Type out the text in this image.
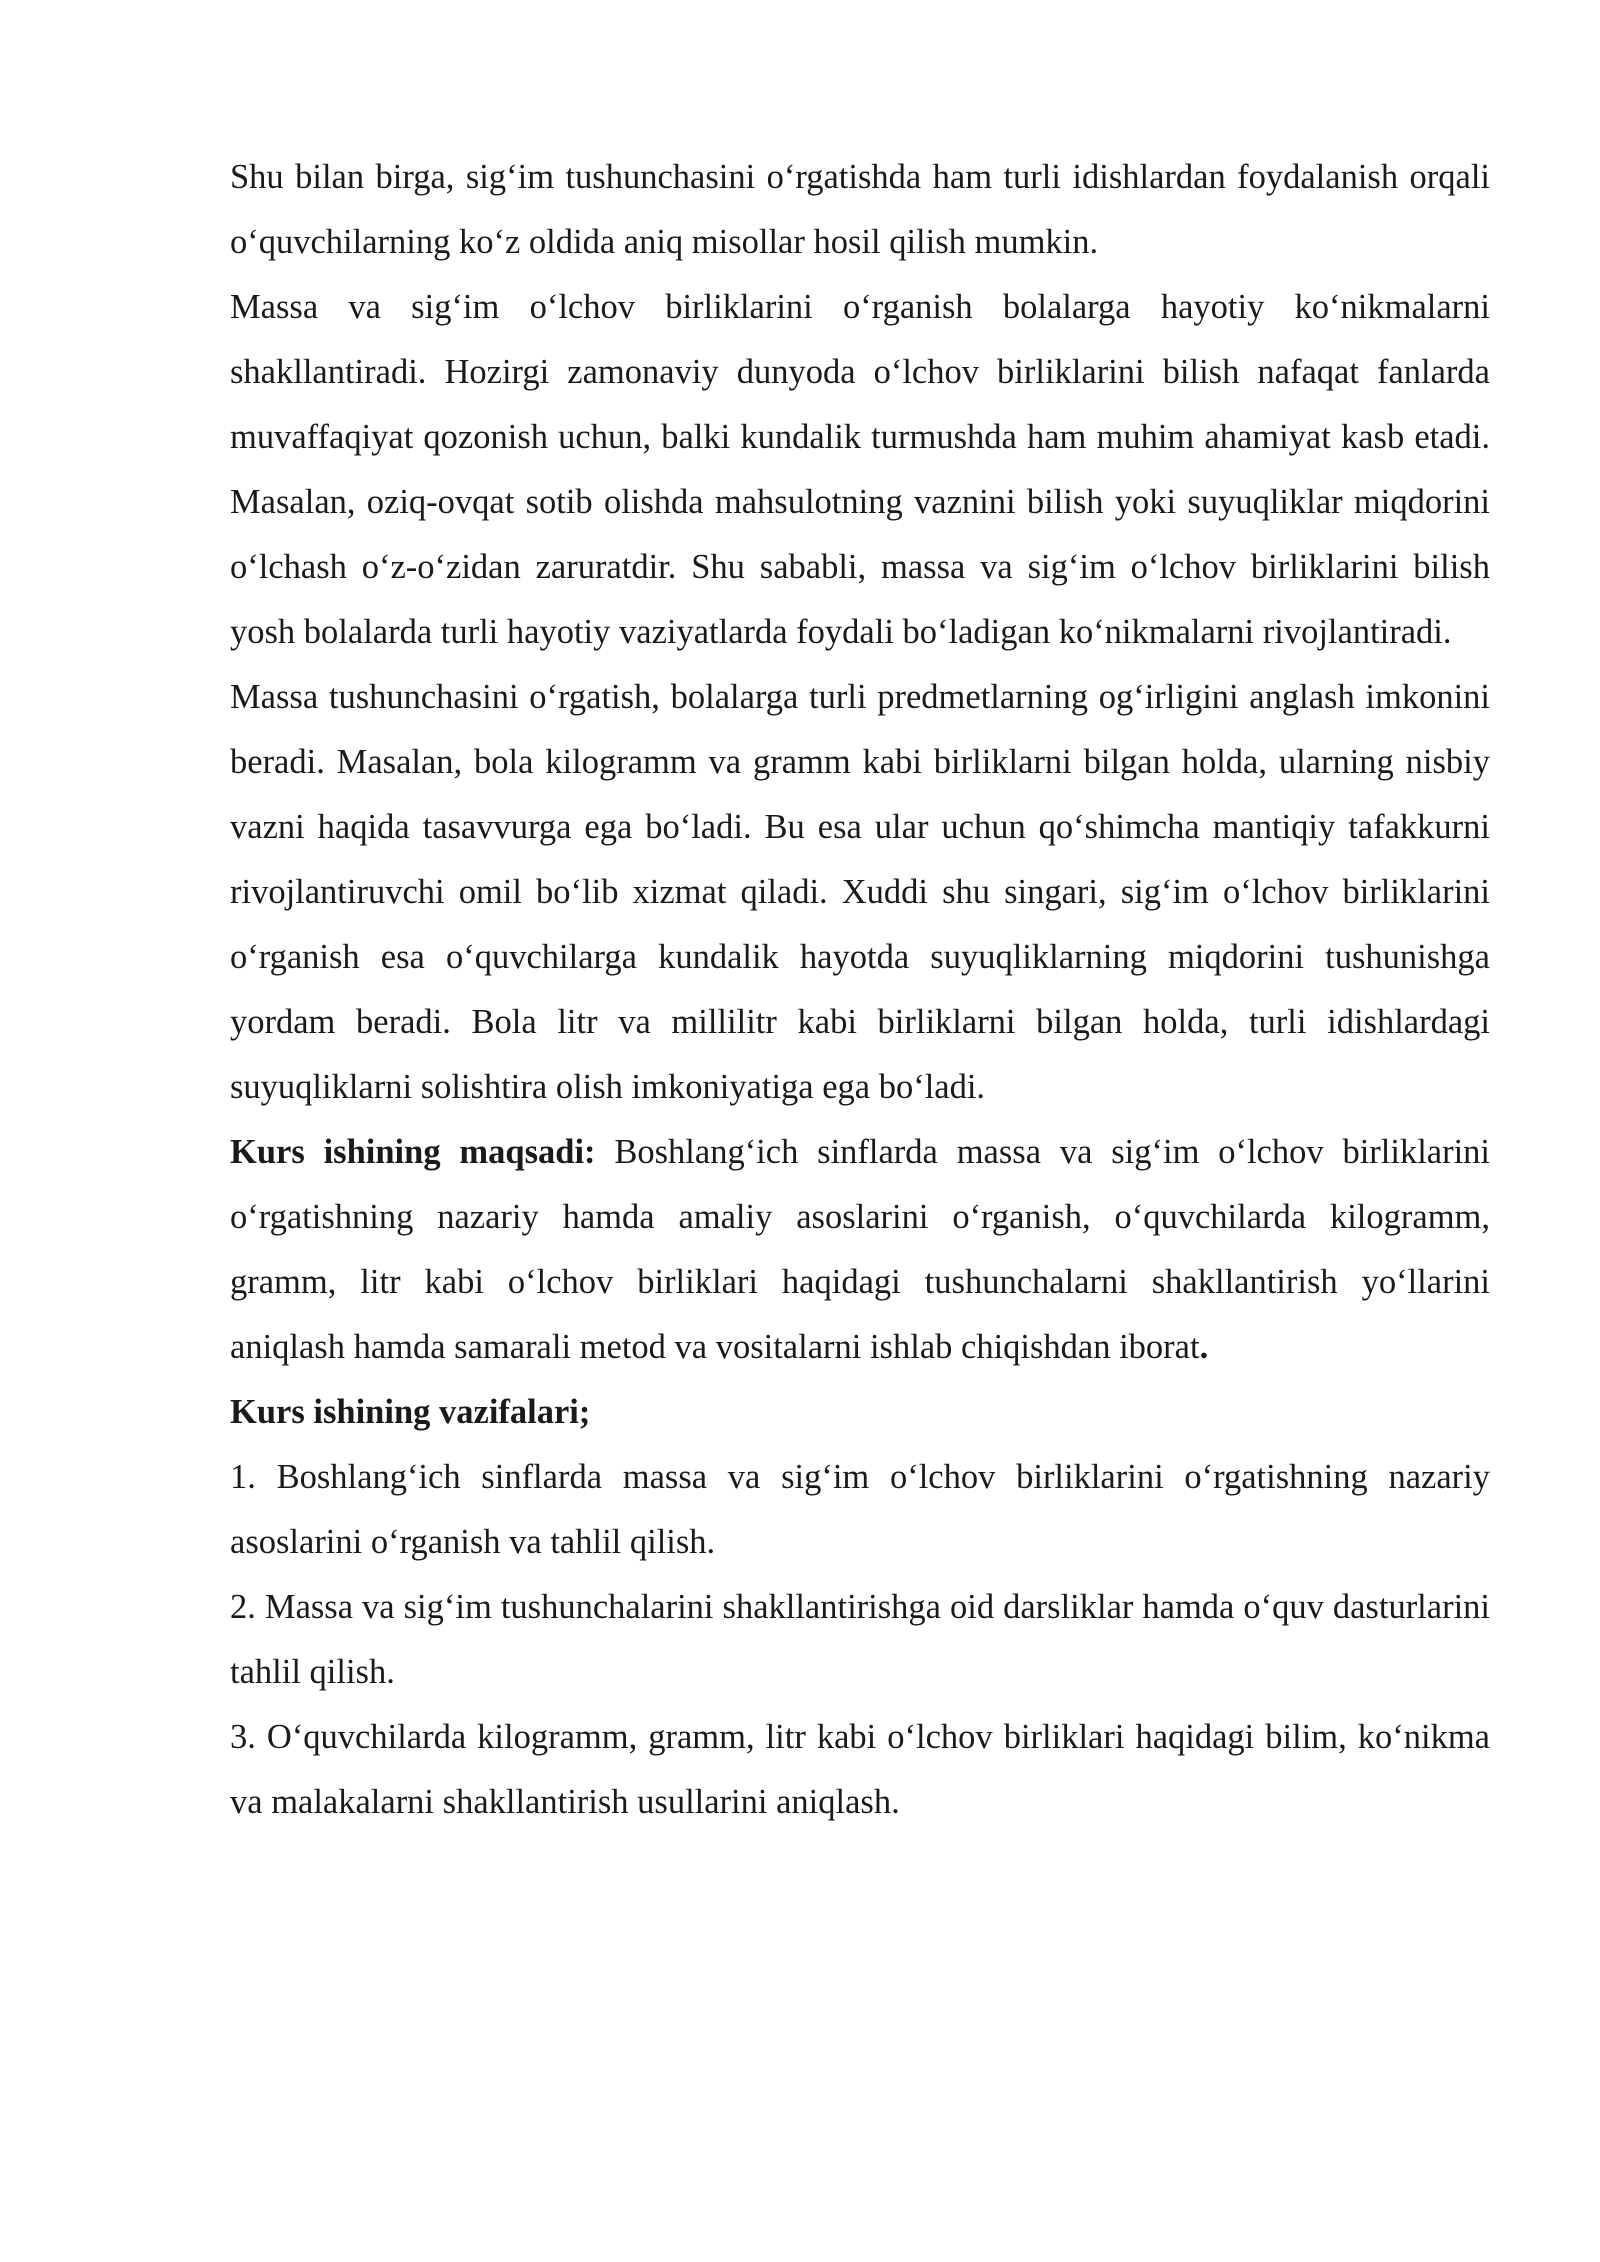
Shu bilan birga, sig‘im tushunchasini o‘rgatishda ham turli idishlardan foydalanish orqali o‘quvchilarning ko‘z oldida aniq misollar hosil qilish mumkin.

Massa va sig‘im o‘lchov birliklarini o‘rganish bolalarga hayotiy ko‘nikmalarni shakllantiradi. Hozirgi zamonaviy dunyoda o‘lchov birliklarini bilish nafaqat fanlarda muvaffaqiyat qozonish uchun, balki kundalik turmushda ham muhim ahamiyat kasb etadi. Masalan, oziq-ovqat sotib olishda mahsulotning vaznini bilish yoki suyuqliklar miqdorini o‘lchash o‘z-o‘zidan zaruratdir. Shu sababli, massa va sig‘im o‘lchov birliklarini bilish yosh bolalarda turli hayotiy vaziyatlarda foydali bo‘ladigan ko‘nikmalarni rivojlantiradi.

Massa tushunchasini o‘rgatish, bolalarga turli predmetlarning og‘irligini anglash imkonini beradi. Masalan, bola kilogramm va gramm kabi birliklarni bilgan holda, ularning nisbiy vazni haqida tasavvurga ega bo‘ladi. Bu esa ular uchun qo‘shimcha mantiqiy tafakkurni rivojlantiruvchi omil bo‘lib xizmat qiladi. Xuddi shu singari, sig‘im o‘lchov birliklarini o‘rganish esa o‘quvchilarga kundalik hayotda suyuqliklarning miqdorini tushunishga yordam beradi. Bola litr va millilitr kabi birliklarni bilgan holda, turli idishlardagi suyuqliklarni solishtira olish imkoniyatiga ega bo‘ladi.

Kurs ishining maqsadi: Boshlang‘ich sinflarda massa va sig‘im o‘lchov birliklarini o‘rgatishning nazariy hamda amaliy asoslarini o‘rganish, o‘quvchilarda kilogramm, gramm, litr kabi o‘lchov birliklari haqidagi tushunchalarni shakllantirish yo‘llarini aniqlash hamda samarali metod va vositalarni ishlab chiqishdan iborat.

Kurs ishining vazifalari;

1. Boshlang‘ich sinflarda massa va sig‘im o‘lchov birliklarini o‘rgatishning nazariy asoslarini o‘rganish va tahlil qilish.

2. Massa va sig‘im tushunchalarini shakllantirishga oid darsliklar hamda o‘quv dasturlarini tahlil qilish.

3. O‘quvchilarda kilogramm, gramm, litr kabi o‘lchov birliklari haqidagi bilim, ko‘nikma va malakalarni shakllantirish usullarini aniqlash.
